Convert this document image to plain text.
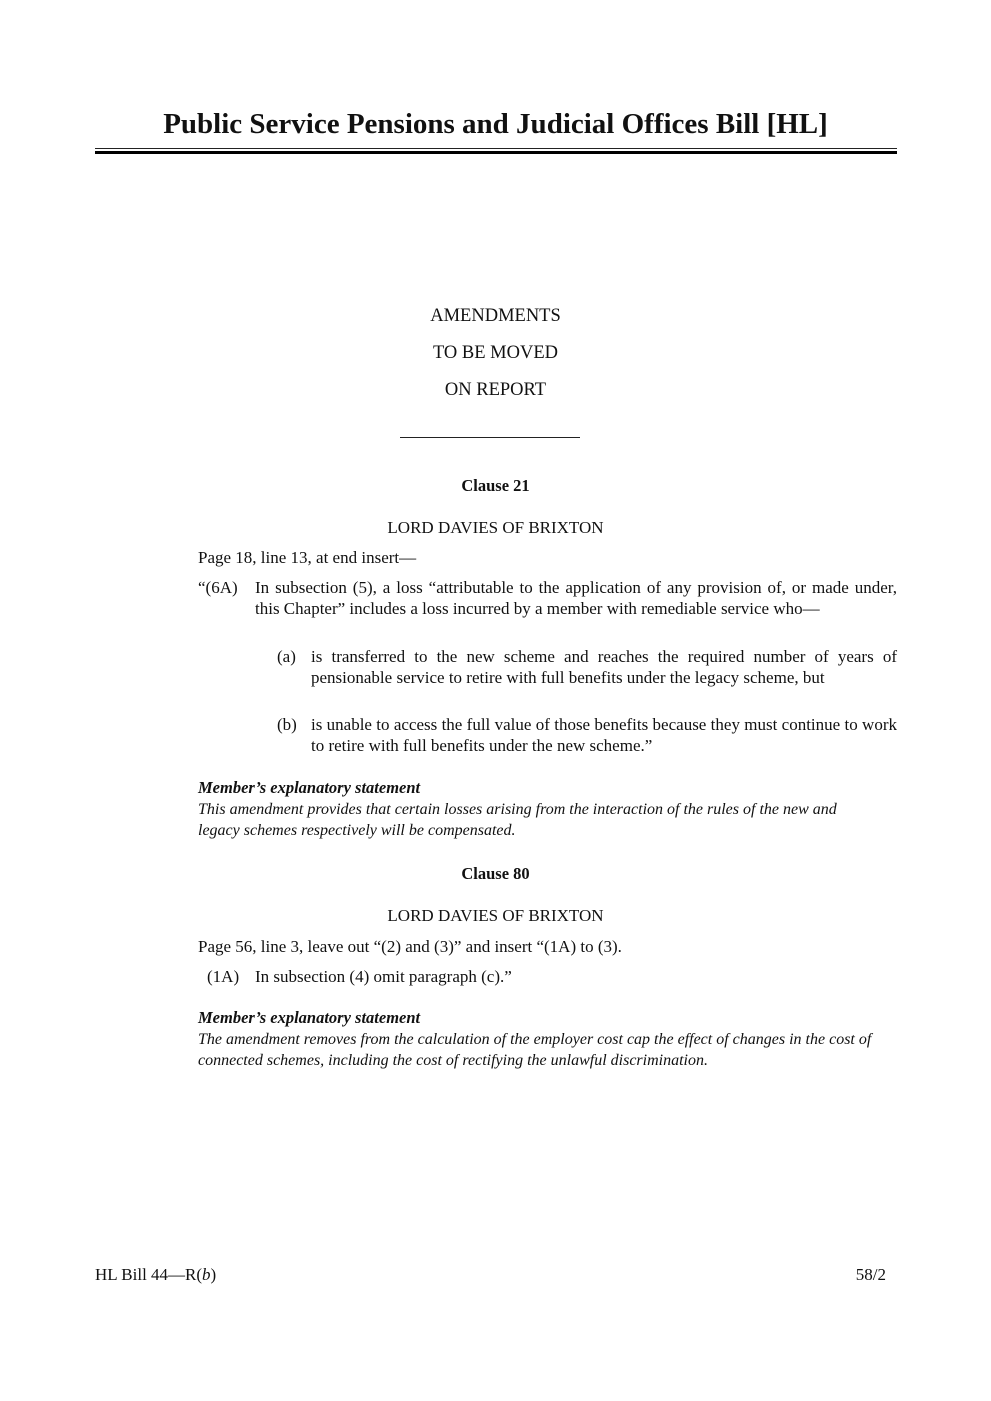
Public Service Pensions and Judicial Offices Bill [HL]
AMENDMENTS
TO BE MOVED
ON REPORT
Clause 21
LORD DAVIES OF BRIXTON
Page 18, line 13, at end insert—
“(6A) In subsection (5), a loss “attributable to the application of any provision of, or made under, this Chapter” includes a loss incurred by a member with remediable service who—
(a) is transferred to the new scheme and reaches the required number of years of pensionable service to retire with full benefits under the legacy scheme, but
(b) is unable to access the full value of those benefits because they must continue to work to retire with full benefits under the new scheme.”
Member’s explanatory statement
This amendment provides that certain losses arising from the interaction of the rules of the new and legacy schemes respectively will be compensated.
Clause 80
LORD DAVIES OF BRIXTON
Page 56, line 3, leave out “(2) and (3)” and insert “(1A) to (3).
(1A) In subsection (4) omit paragraph (c).”
Member’s explanatory statement
The amendment removes from the calculation of the employer cost cap the effect of changes in the cost of connected schemes, including the cost of rectifying the unlawful discrimination.
HL Bill 44—R(b)	58/2
